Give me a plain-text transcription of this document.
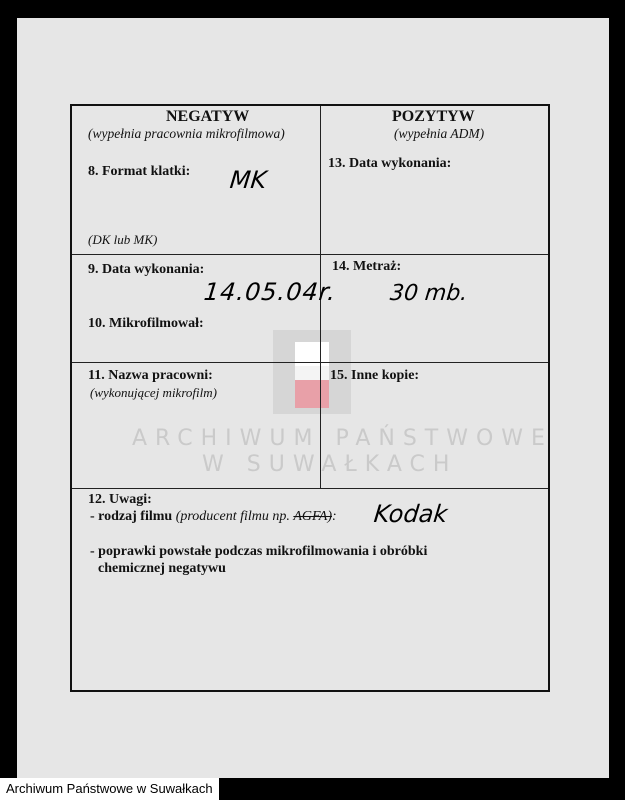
NEGATYW
(wypełnia pracownia mikrofilmowa)
POZYTYW
(wypełnia ADM)
8. Format klatki: MK
(DK lub MK)
13. Data wykonania:
9. Data wykonania:
14.05.04r.
14. Metraż:
30 mb.
10. Mikrofilmował:
11. Nazwa pracowni:
(wykonującej mikrofilm)
15. Inne kopie:
12. Uwagi:
- rodzaj filmu (producent filmu np. AGFA): Kodak
- poprawki powstałe podczas mikrofilmowania i obróbki
chemicznej negatywu
ARCHIWUM PAŃSTWOWE
W SUWAŁKACH
Archiwum Państwowe w Suwałkach
